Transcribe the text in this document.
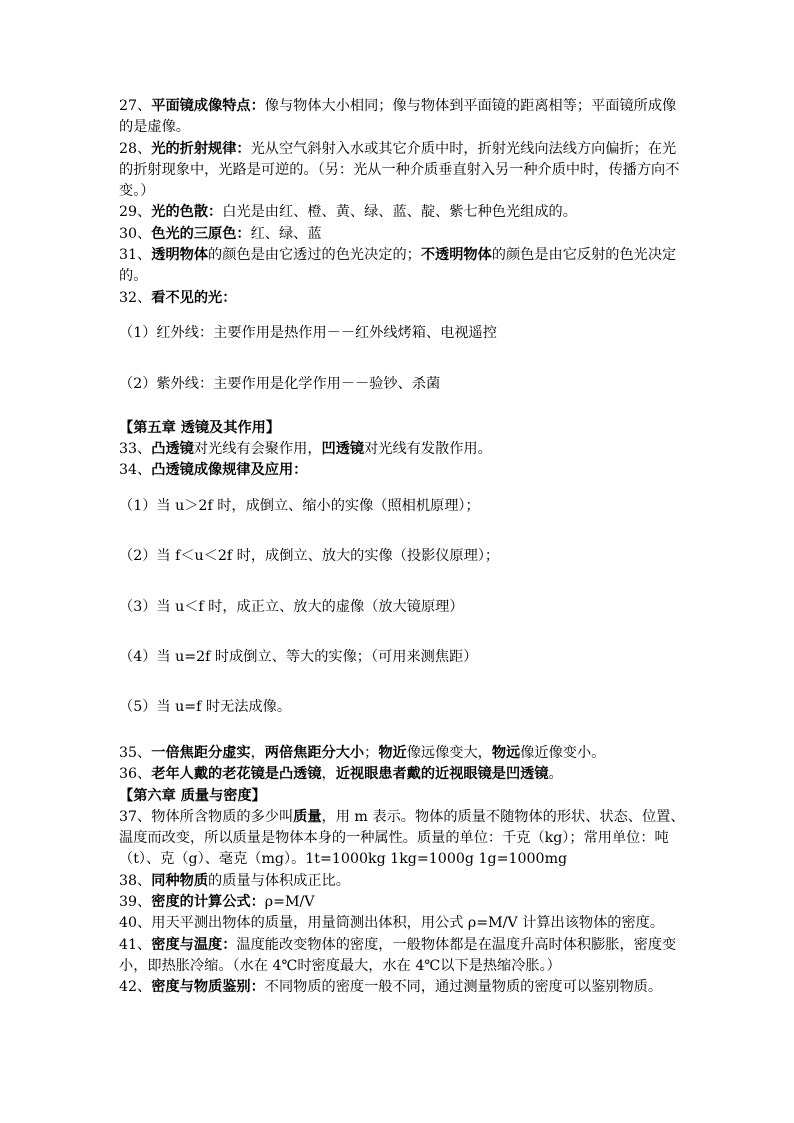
27、平面镜成像特点：像与物体大小相同；像与物体到平面镜的距离相等；平面镜所成像的是虚像。

28、光的折射规律：光从空气斜射入水或其它介质中时，折射光线向法线方向偏折；在光的折射现象中，光路是可逆的。（另：光从一种介质垂直射入另一种介质中时，传播方向不变。）

29、光的色散：白光是由红、橙、黄、绿、蓝、靛、紫七种色光组成的。

30、色光的三原色：红、绿、蓝

31、透明物体的颜色是由它透过的色光决定的；不透明物体的颜色是由它反射的色光决定的。

32、看不见的光：

（1）红外线：主要作用是热作用－－红外线烤箱、电视遥控

（2）紫外线：主要作用是化学作用－－验钞、杀菌

【第五章 透镜及其作用】

33、凸透镜对光线有会聚作用，凹透镜对光线有发散作用。

34、凸透镜成像规律及应用：

（1）当 u＞2f 时，成倒立、缩小的实像（照相机原理）；

（2）当 f＜u＜2f 时，成倒立、放大的实像（投影仪原理）；

（3）当 u＜f 时，成正立、放大的虚像（放大镜原理）

（4）当 u=2f 时成倒立、等大的实像；（可用来测焦距）

（5）当 u=f 时无法成像。

35、一倍焦距分虚实，两倍焦距分大小；物近像远像变大，物远像近像变小。

36、老年人戴的老花镜是凸透镜，近视眼患者戴的近视眼镜是凹透镜。

【第六章 质量与密度】

37、物体所含物质的多少叫质量，用 m 表示。物体的质量不随物体的形状、状态、位置、温度而改变，所以质量是物体本身的一种属性。质量的单位：千克（kg）；常用单位：吨（t）、克（g）、毫克（mg）。1t=1000kg 1kg=1000g 1g=1000mg

38、同种物质的质量与体积成正比。

39、密度的计算公式：ρ=M/V

40、用天平测出物体的质量，用量筒测出体积，用公式 ρ=M/V 计算出该物体的密度。

41、密度与温度：温度能改变物体的密度，一般物体都是在温度升高时体积膨胀，密度变小，即热胀冷缩。（水在 4℃时密度最大，水在 4℃以下是热缩冷胀。）

42、密度与物质鉴别：不同物质的密度一般不同，通过测量物质的密度可以鉴别物质。
